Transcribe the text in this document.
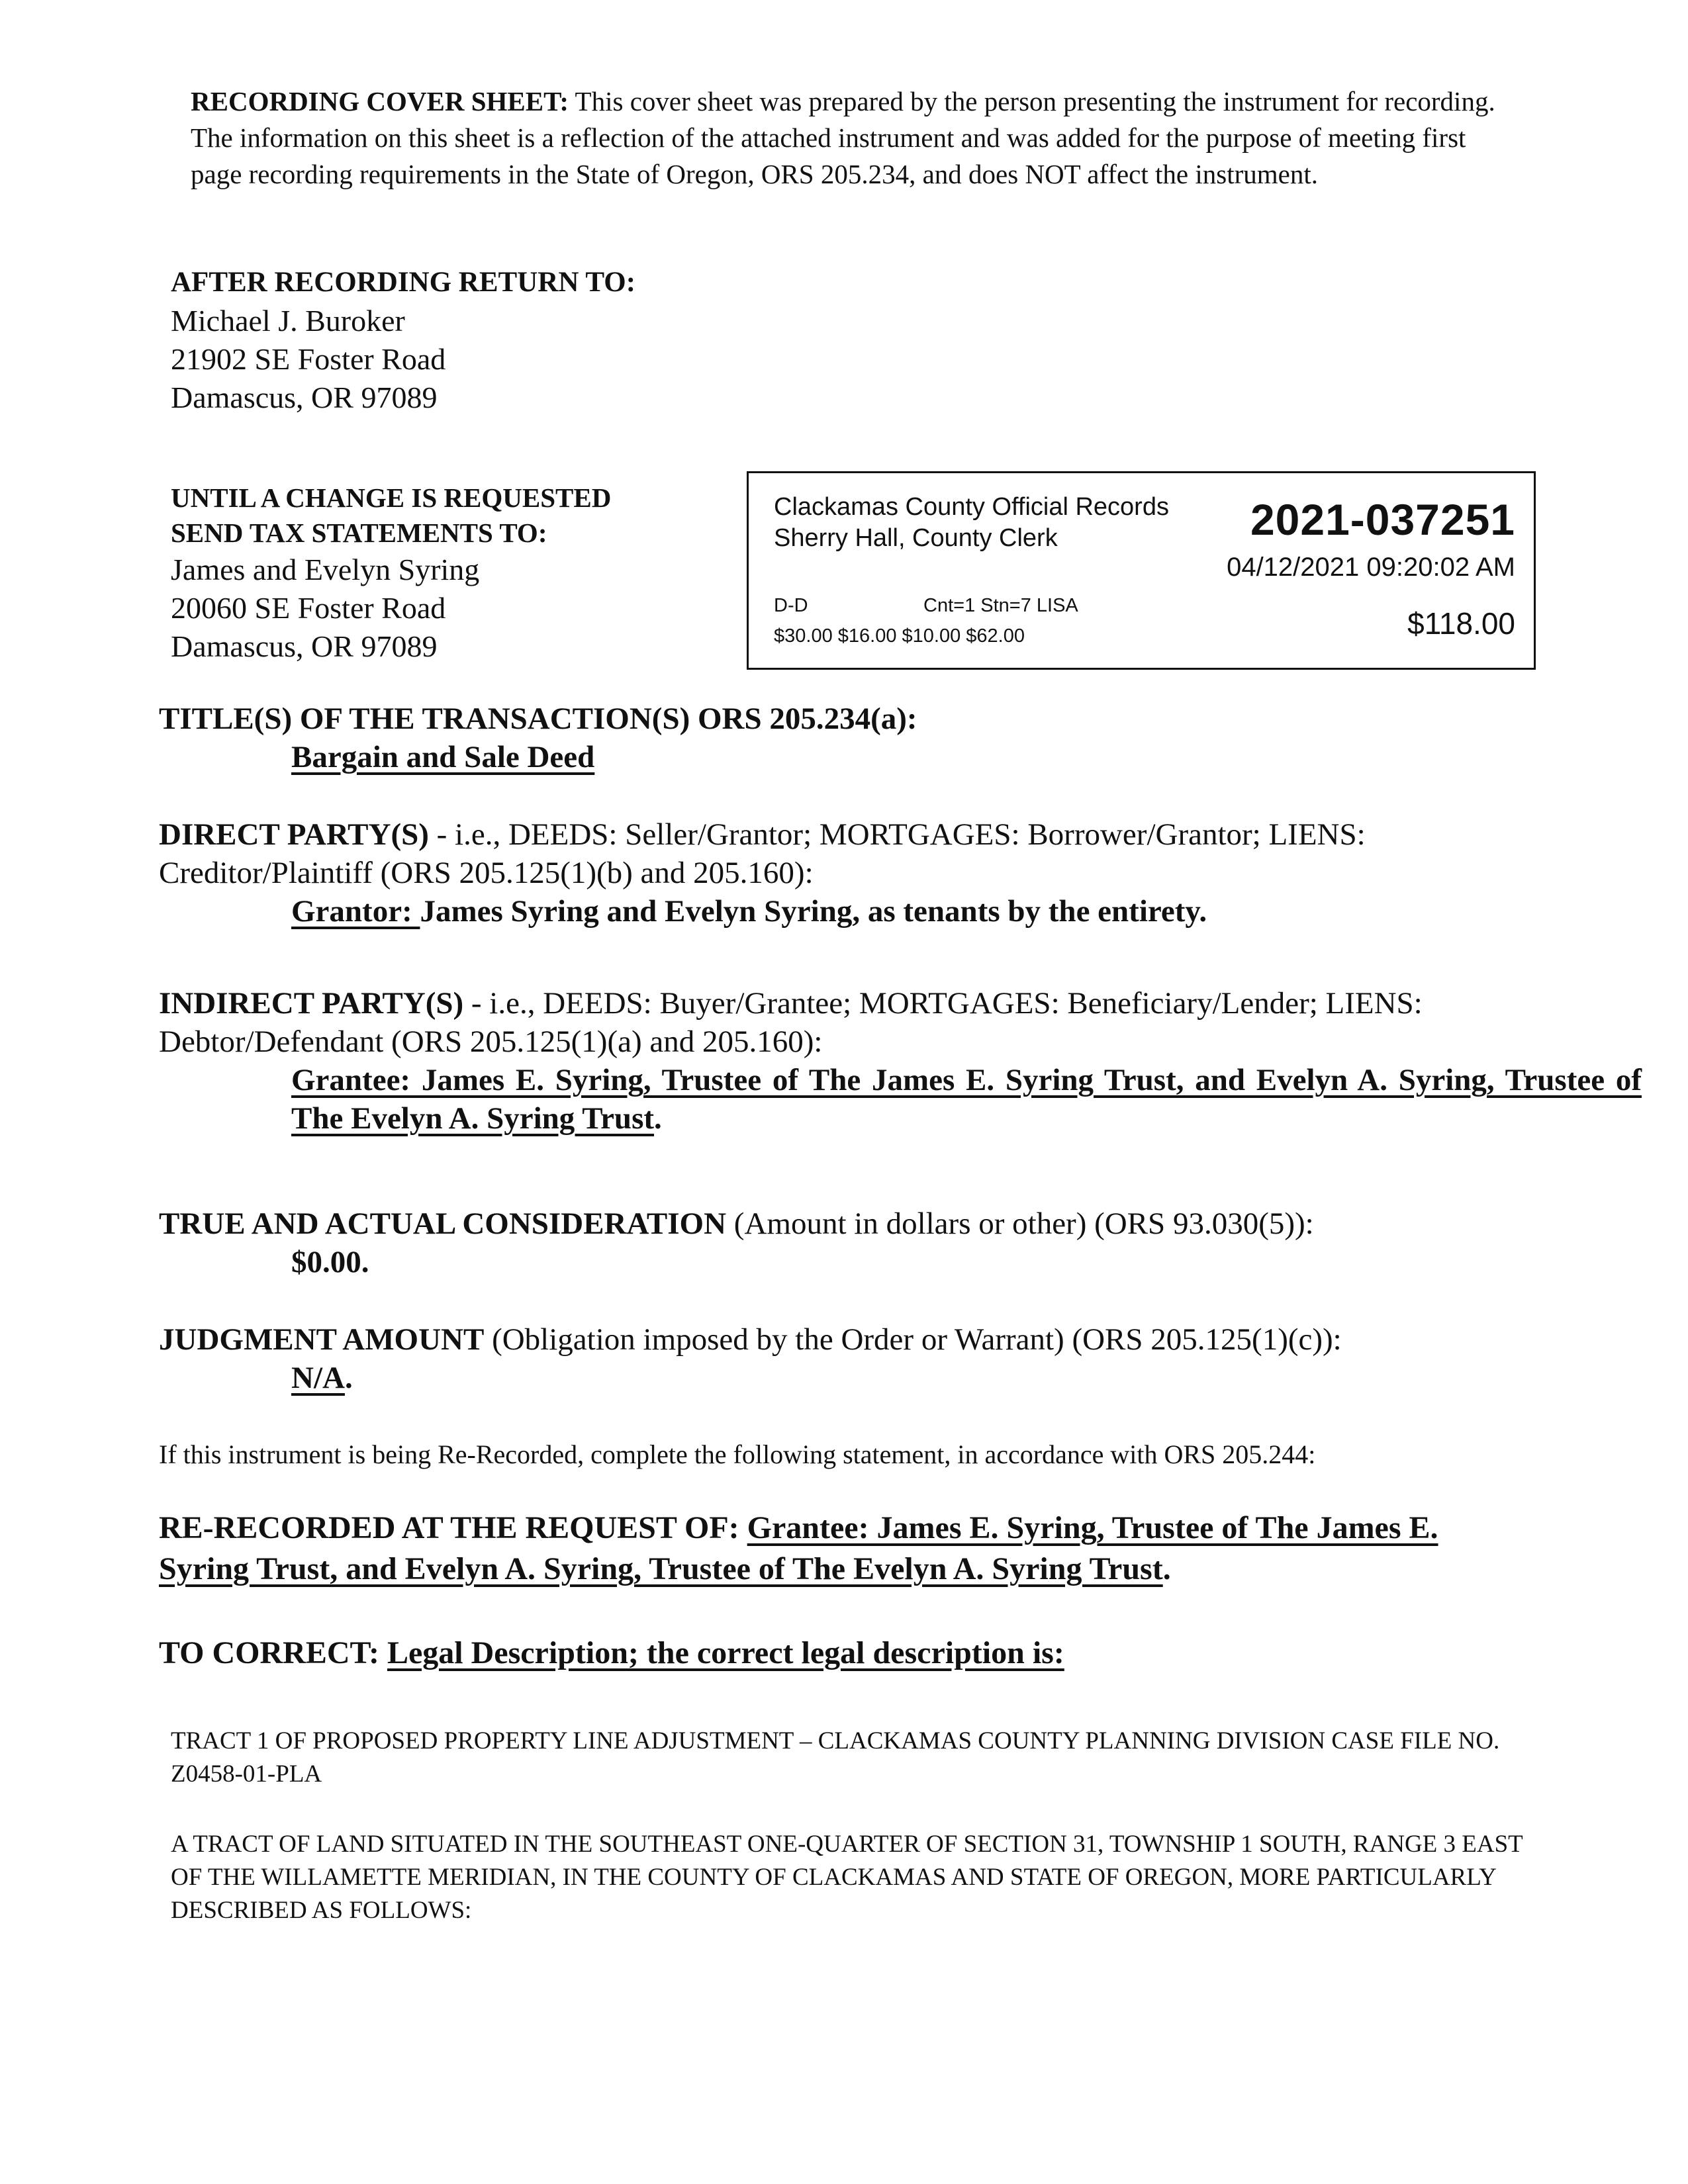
RECORDING COVER SHEET: This cover sheet was prepared by the person presenting the instrument for recording. The information on this sheet is a reflection of the attached instrument and was added for the purpose of meeting first page recording requirements in the State of Oregon, ORS 205.234, and does NOT affect the instrument.
AFTER RECORDING RETURN TO:
Michael J. Buroker
21902 SE Foster Road
Damascus, OR 97089
UNTIL A CHANGE IS REQUESTED
SEND TAX STATEMENTS TO:
James and Evelyn Syring
20060 SE Foster Road
Damascus, OR 97089
Clackamas County Official Records
Sherry Hall, County Clerk	2021-037251
04/12/2021 09:20:02 AM
D-D	Cnt=1 Stn=7 LISA
$30.00 $16.00 $10.00 $62.00	$118.00
TITLE(S) OF THE TRANSACTION(S) ORS 205.234(a):
Bargain and Sale Deed
DIRECT PARTY(S) - i.e., DEEDS: Seller/Grantor; MORTGAGES: Borrower/Grantor; LIENS: Creditor/Plaintiff (ORS 205.125(1)(b) and 205.160):
Grantor: James Syring and Evelyn Syring, as tenants by the entirety.
INDIRECT PARTY(S) - i.e., DEEDS: Buyer/Grantee; MORTGAGES: Beneficiary/Lender; LIENS: Debtor/Defendant (ORS 205.125(1)(a) and 205.160):
Grantee: James E. Syring, Trustee of The James E. Syring Trust, and Evelyn A. Syring, Trustee of The Evelyn A. Syring Trust.
TRUE AND ACTUAL CONSIDERATION (Amount in dollars or other) (ORS 93.030(5)):
$0.00.
JUDGMENT AMOUNT (Obligation imposed by the Order or Warrant) (ORS 205.125(1)(c)):
N/A.
If this instrument is being Re-Recorded, complete the following statement, in accordance with ORS 205.244:
RE-RECORDED AT THE REQUEST OF: Grantee: James E. Syring, Trustee of The James E. Syring Trust, and Evelyn A. Syring, Trustee of The Evelyn A. Syring Trust.
TO CORRECT: Legal Description; the correct legal description is:
TRACT 1 OF PROPOSED PROPERTY LINE ADJUSTMENT – CLACKAMAS COUNTY PLANNING DIVISION CASE FILE NO. Z0458-01-PLA
A TRACT OF LAND SITUATED IN THE SOUTHEAST ONE-QUARTER OF SECTION 31, TOWNSHIP 1 SOUTH, RANGE 3 EAST OF THE WILLAMETTE MERIDIAN, IN THE COUNTY OF CLACKAMAS AND STATE OF OREGON, MORE PARTICULARLY DESCRIBED AS FOLLOWS:
